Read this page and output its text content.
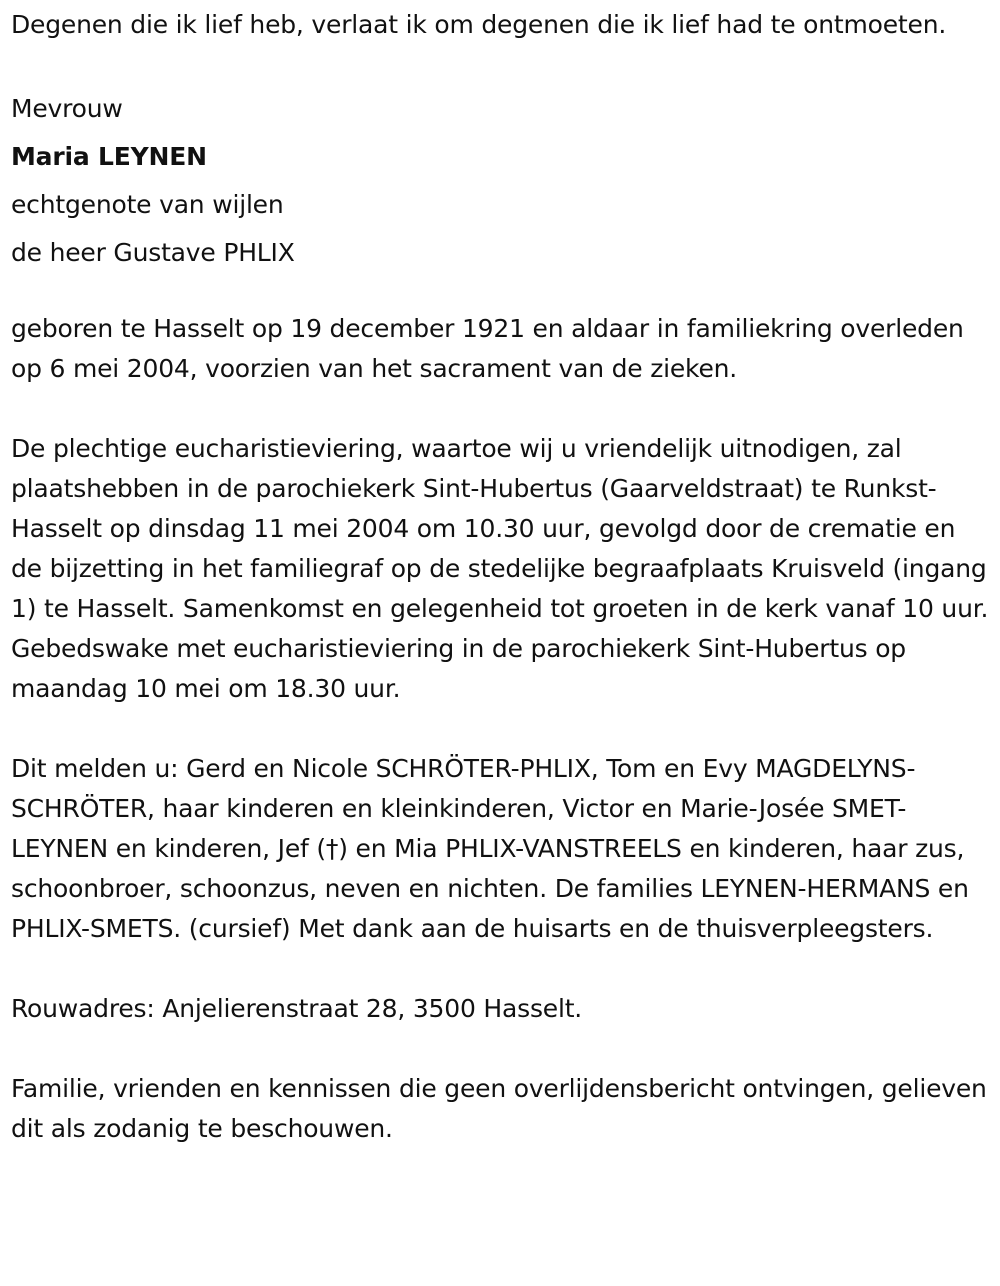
Degenen die ik lief heb, verlaat ik om degenen die ik lief had te ontmoeten.

Mevrouw

Maria LEYNEN

echtgenote van wijlen

de heer Gustave PHLIX

geboren te Hasselt op 19 december 1921 en aldaar in familiekring overleden op 6 mei 2004, voorzien van het sacrament van de zieken.

De plechtige eucharistieviering, waartoe wij u vriendelijk uitnodigen, zal plaatshebben in de parochiekerk Sint-Hubertus (Gaarveldstraat) te Runkst-Hasselt op dinsdag 11 mei 2004 om 10.30 uur, gevolgd door de crematie en de bijzetting in het familiegraf op de stedelijke begraafplaats Kruisveld (ingang 1) te Hasselt. Samenkomst en gelegenheid tot groeten in de kerk vanaf 10 uur. Gebedswake met eucharistieviering in de parochiekerk Sint-Hubertus op maandag 10 mei om 18.30 uur.

Dit melden u: Gerd en Nicole SCHRÖTER-PHLIX, Tom en Evy MAGDELYNS-SCHRÖTER, haar kinderen en kleinkinderen, Victor en Marie-Josée SMET-LEYNEN en kinderen, Jef (†) en Mia PHLIX-VANSTREELS en kinderen, haar zus, schoonbroer, schoonzus, neven en nichten. De families LEYNEN-HERMANS en PHLIX-SMETS. (cursief) Met dank aan de huisarts en de thuisverpleegsters.

Rouwadres: Anjelierenstraat 28, 3500 Hasselt.

Familie, vrienden en kennissen die geen overlijdensbericht ontvingen, gelieven dit als zodanig te beschouwen.
